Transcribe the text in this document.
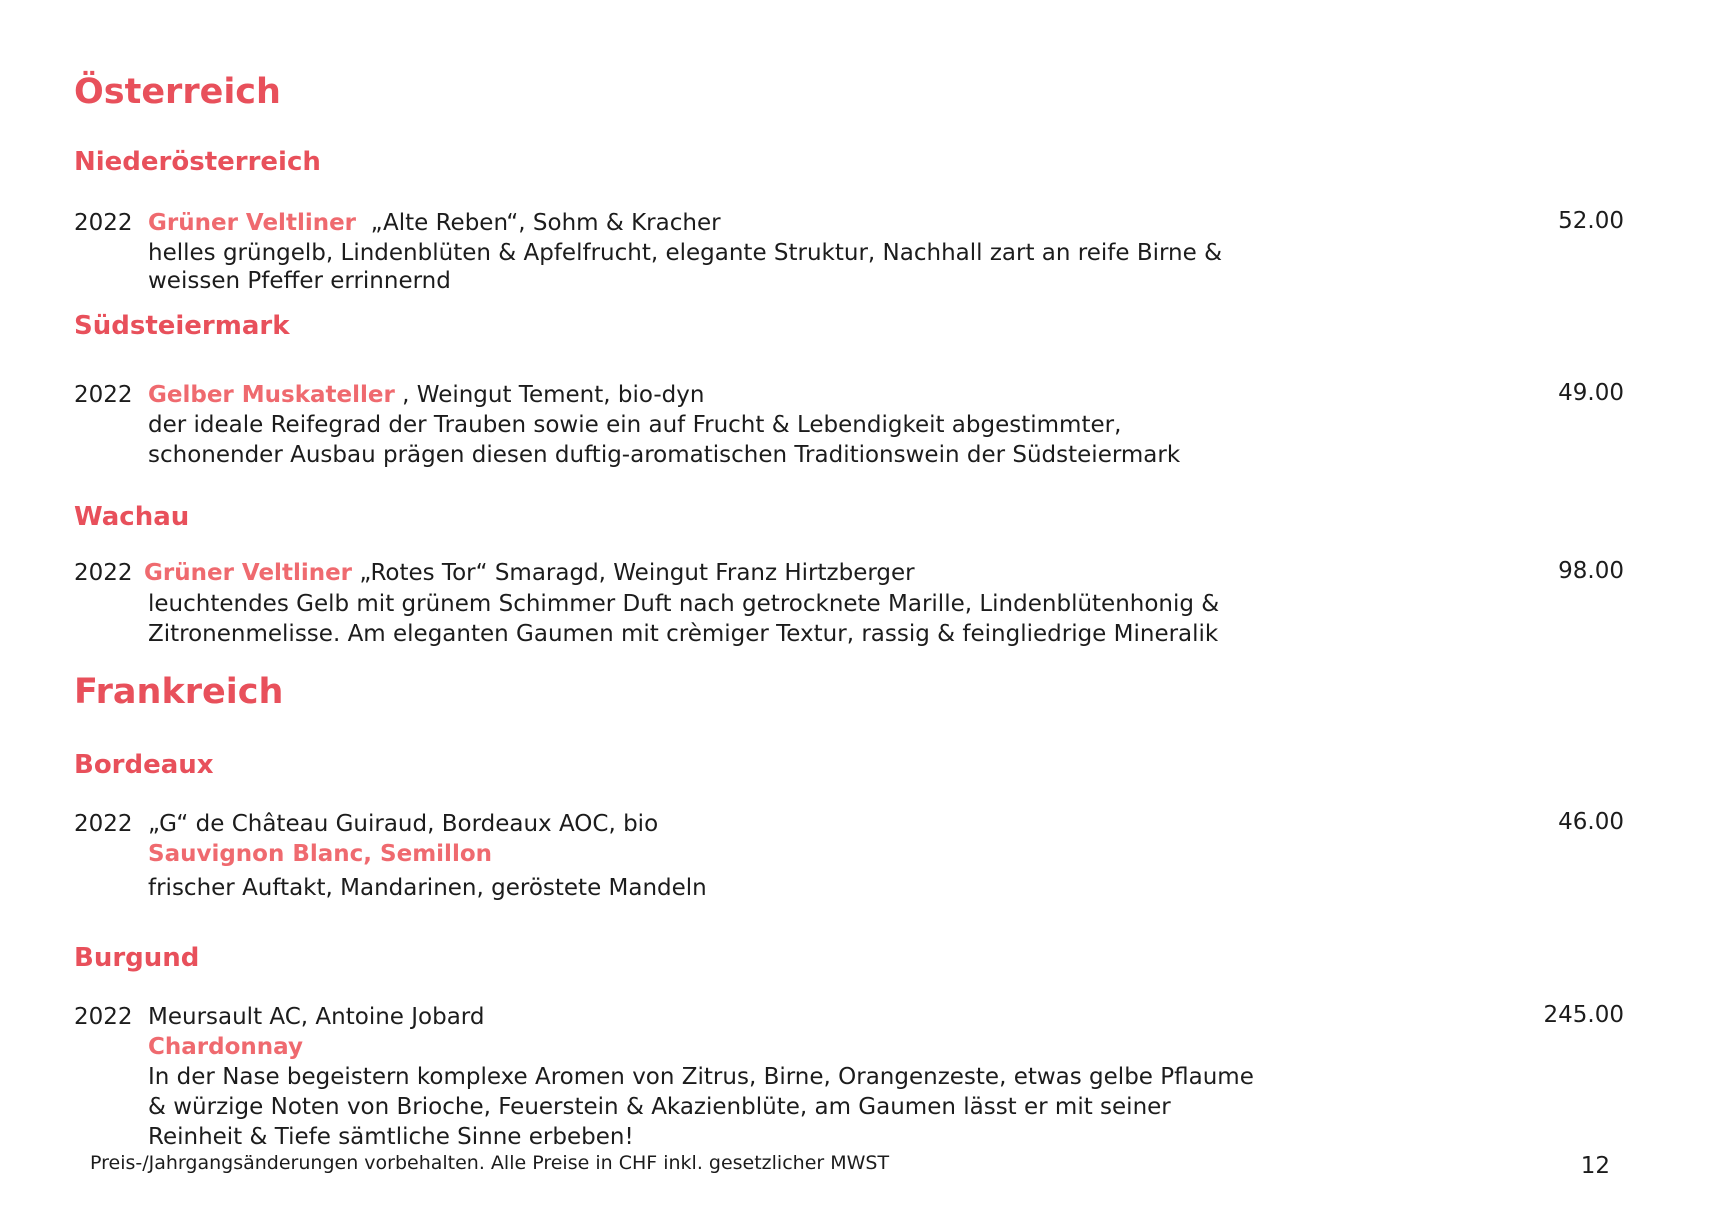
Österreich
Niederösterreich
2022 Grüner Veltliner „Alte Reben“, Sohm & Kracher	52.00
helles grüngelb, Lindenblüten & Apfelfrucht, elegante Struktur, Nachhall zart an reife Birne &
weissen Pfeffer errinnernd
Südsteiermark
2022 Gelber Muskateller , Weingut Tement, bio-dyn	49.00
der ideale Reifegrad der Trauben sowie ein auf Frucht & Lebendigkeit abgestimmter,
schonender Ausbau prägen diesen duftig-aromatischen Traditionswein der Südsteiermark
Wachau
2022 Grüner Veltliner „Rotes Tor“ Smaragd, Weingut Franz Hirtzberger	98.00
leuchtendes Gelb mit grünem Schimmer Duft nach getrocknete Marille, Lindenblütenhonig &
Zitronenmelisse. Am eleganten Gaumen mit crèmiger Textur, rassig & feingliedrige Mineralik
Frankreich
Bordeaux
2022 „G“ de Château Guiraud, Bordeaux AOC, bio	46.00
Sauvignon Blanc, Semillon
frischer Auftakt, Mandarinen, geröstete Mandeln
Burgund
2022 Meursault AC, Antoine Jobard	245.00
Chardonnay
In der Nase begeistern komplexe Aromen von Zitrus, Birne, Orangenzeste, etwas gelbe Pflaume
& würzige Noten von Brioche, Feuerstein & Akazienblüte, am Gaumen lässt er mit seiner
Reinheit & Tiefe sämtliche Sinne erbeben!
Preis-/Jahrgangsänderungen vorbehalten. Alle Preise in CHF inkl. gesetzlicher MWST	12
